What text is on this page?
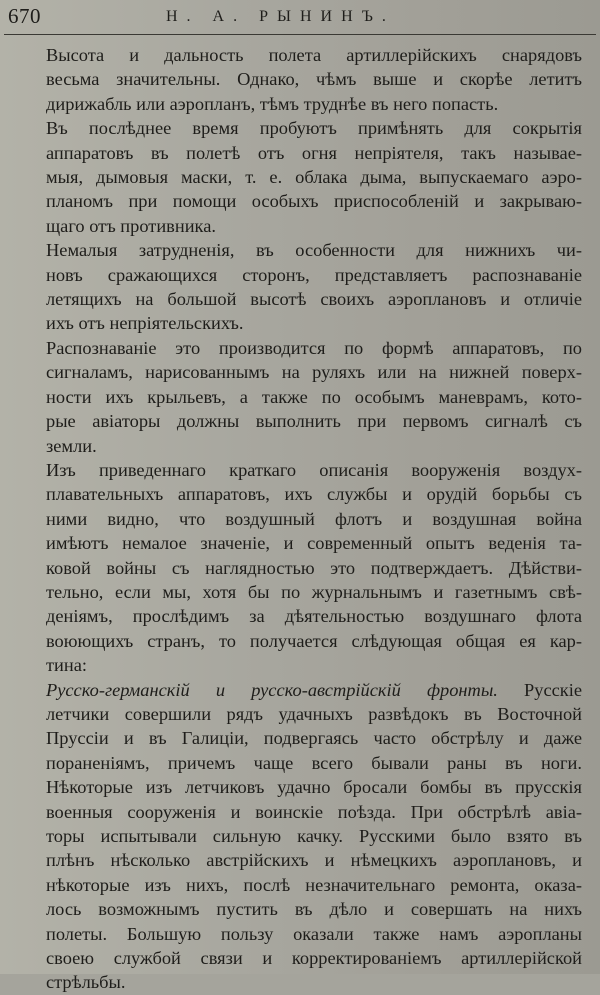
670	Н. А. РЫНИНЪ.

Высота и дальность полета артиллерійскихъ снарядовъ
весьма значительны. Однако, чѣмъ выше и скорѣе летитъ
дирижабль или аэропланъ, тѣмъ труднѣе въ него попасть.

Въ послѣднее время пробуютъ примѣнять для сокрытія
аппаратовъ въ полетѣ отъ огня непріятеля, такъ называе-
мыя, дымовыя маски, т. е. облака дыма, выпускаемаго аэро-
планомъ при помощи особыхъ приспособленій и закрываю-
щаго отъ противника.

Немалыя затрудненія, въ особенности для нижнихъ чи-
новъ сражающихся сторонъ, представляетъ распознаваніе
летящихъ на большой высотѣ своихъ аэроплановъ и отличіе
ихъ отъ непріятельскихъ.

Распознаваніе это производится по формѣ аппаратовъ, по
сигналамъ, нарисованнымъ на руляхъ или на нижней поверх-
ности ихъ крыльевъ, а также по особымъ маневрамъ, кото-
рые авіаторы должны выполнить при первомъ сигналѣ съ
земли.

Изъ приведеннаго краткаго описанія вооруженія воздух-
плавательныхъ аппаратовъ, ихъ службы и орудій борьбы съ
ними видно, что воздушный флотъ и воздушная война
имѣютъ немалое значеніе, и современный опытъ веденія та-
ковой войны съ наглядностью это подтверждаетъ. Дѣйстви-
тельно, если мы, хотя бы по журнальнымъ и газетнымъ свѣ-
деніямъ, прослѣдимъ за дѣятельностью воздушнаго флота
воюющихъ странъ, то получается слѣдующая общая ея кар-
тина:

Русско-германскій и русско-австрійскій фронты. Русскіе
летчики совершили рядъ удачныхъ развѣдокъ въ Восточной
Пруссіи и въ Галиціи, подвергаясь часто обстрѣлу и даже
пораненіямъ, причемъ чаще всего бывали раны въ ноги.
Нѣкоторые изъ летчиковъ удачно бросали бомбы въ прусскія
военныя сооруженія и воинскіе поѣзда. При обстрѣлѣ авіа-
торы испытывали сильную качку. Русскими было взято въ
плѣнъ нѣсколько австрійскихъ и нѣмецкихъ аэроплановъ, и
нѣкоторые изъ нихъ, послѣ незначительнаго ремонта, оказа-
лось возможнымъ пустить въ дѣло и совершать на нихъ
полеты. Большую пользу оказали также намъ аэропланы
своею службой связи и корректированіемъ артиллерійской
стрѣльбы.
